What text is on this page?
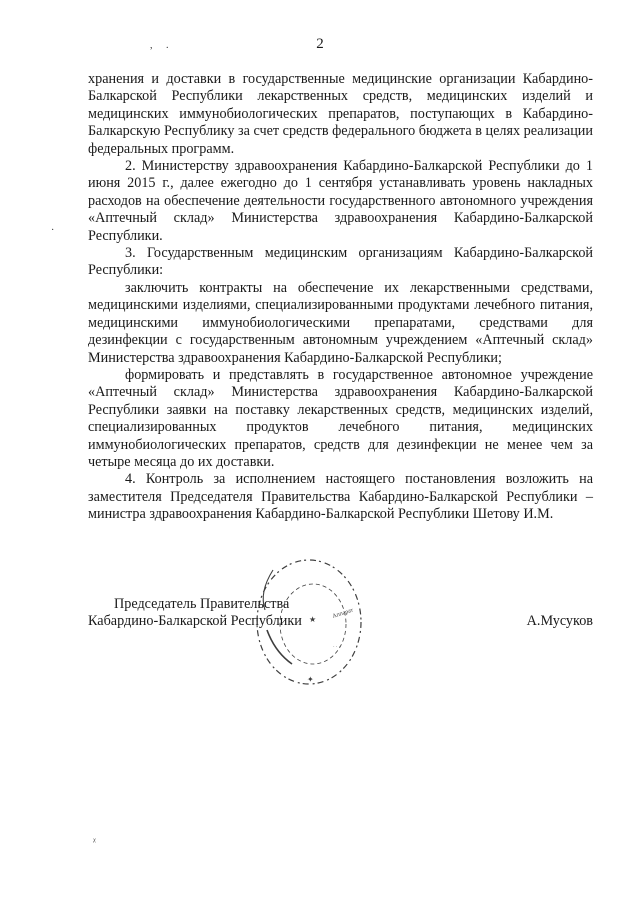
2
, .
·
ᵡ

хранения и доставки в государственные медицинские организации Кабардино-Балкарской Республики лекарственных средств, медицинских изделий и медицинских иммунобиологических препаратов, поступающих в Кабардино-Балкарскую Республику за счет средств федерального бюджета в целях реализации федеральных программ.

2. Министерству здравоохранения Кабардино-Балкарской Республики до 1 июня 2015 г., далее ежегодно до 1 сентября устанавливать уровень накладных расходов на обеспечение деятельности государственного автономного учреждения «Аптечный склад» Министерства здравоохранения Кабардино-Балкарской Республики.

3. Государственным медицинским организациям Кабардино-Балкарской Республики:

заключить контракты на обеспечение их лекарственными средствами, медицинскими изделиями, специализированными продуктами лечебного питания, медицинскими иммунобиологическими препаратами, средствами для дезинфекции с государственным автономным учреждением «Аптечный склад» Министерства здравоохранения Кабардино-Балкарской Республики;

формировать и представлять в государственное автономное учреждение «Аптечный склад» Министерства здравоохранения Кабардино-Балкарской Республики заявки на поставку лекарственных средств, медицинских изделий, специализированных продуктов лечебного питания, медицинских иммунобиологических препаратов, средств для дезинфекции не менее чем за четыре месяца до их доставки.

4. Контроль за исполнением настоящего постановления возложить на заместителя Председателя Правительства Кабардино-Балкарской Республики – министра здравоохранения Кабардино-Балкарской Республики Шетову И.М.

Председатель Правительства
Кабардино-Балкарской Республики	А.Мусуков
Аппарат
★
✦
· · ·
